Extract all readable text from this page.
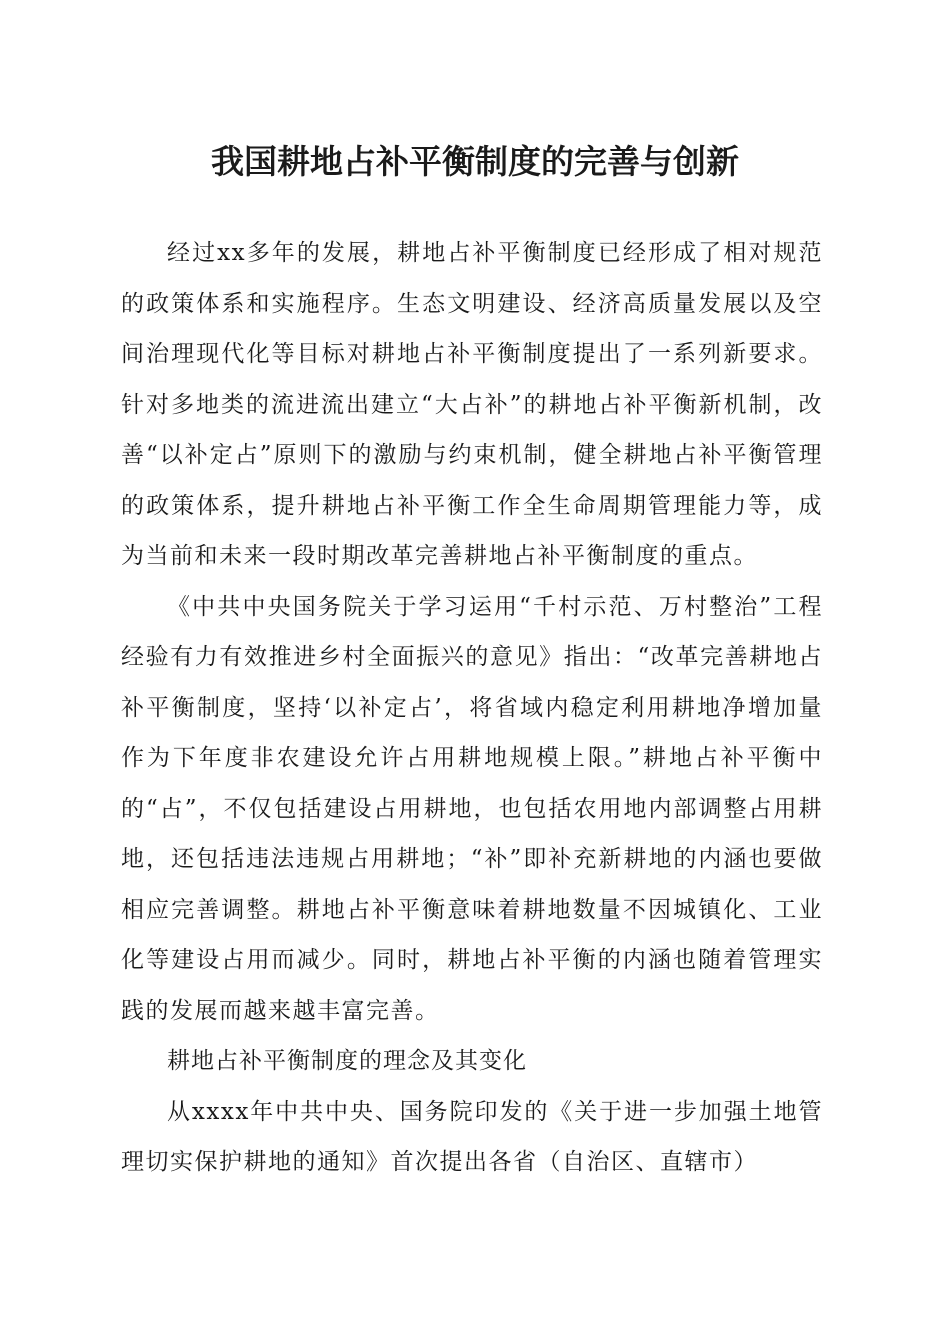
我国耕地占补平衡制度的完善与创新

经过xx多年的发展，耕地占补平衡制度已经形成了相对规范的政策体系和实施程序。生态文明建设、经济高质量发展以及空间治理现代化等目标对耕地占补平衡制度提出了一系列新要求。针对多地类的流进流出建立“大占补”的耕地占补平衡新机制，改善“以补定占”原则下的激励与约束机制，健全耕地占补平衡管理的政策体系，提升耕地占补平衡工作全生命周期管理能力等，成为当前和未来一段时期改革完善耕地占补平衡制度的重点。

《中共中央国务院关于学习运用“千村示范、万村整治”工程经验有力有效推进乡村全面振兴的意见》指出：“改革完善耕地占补平衡制度，坚持‘以补定占’，将省域内稳定利用耕地净增加量作为下年度非农建设允许占用耕地规模上限。”耕地占补平衡中的“占”，不仅包括建设占用耕地，也包括农用地内部调整占用耕地，还包括违法违规占用耕地；“补”即补充新耕地的内涵也要做相应完善调整。耕地占补平衡意味着耕地数量不因城镇化、工业化等建设占用而减少。同时，耕地占补平衡的内涵也随着管理实践的发展而越来越丰富完善。

耕地占补平衡制度的理念及其变化

从xxxx年中共中央、国务院印发的《关于进一步加强土地管理切实保护耕地的通知》首次提出各省（自治区、直辖市）
